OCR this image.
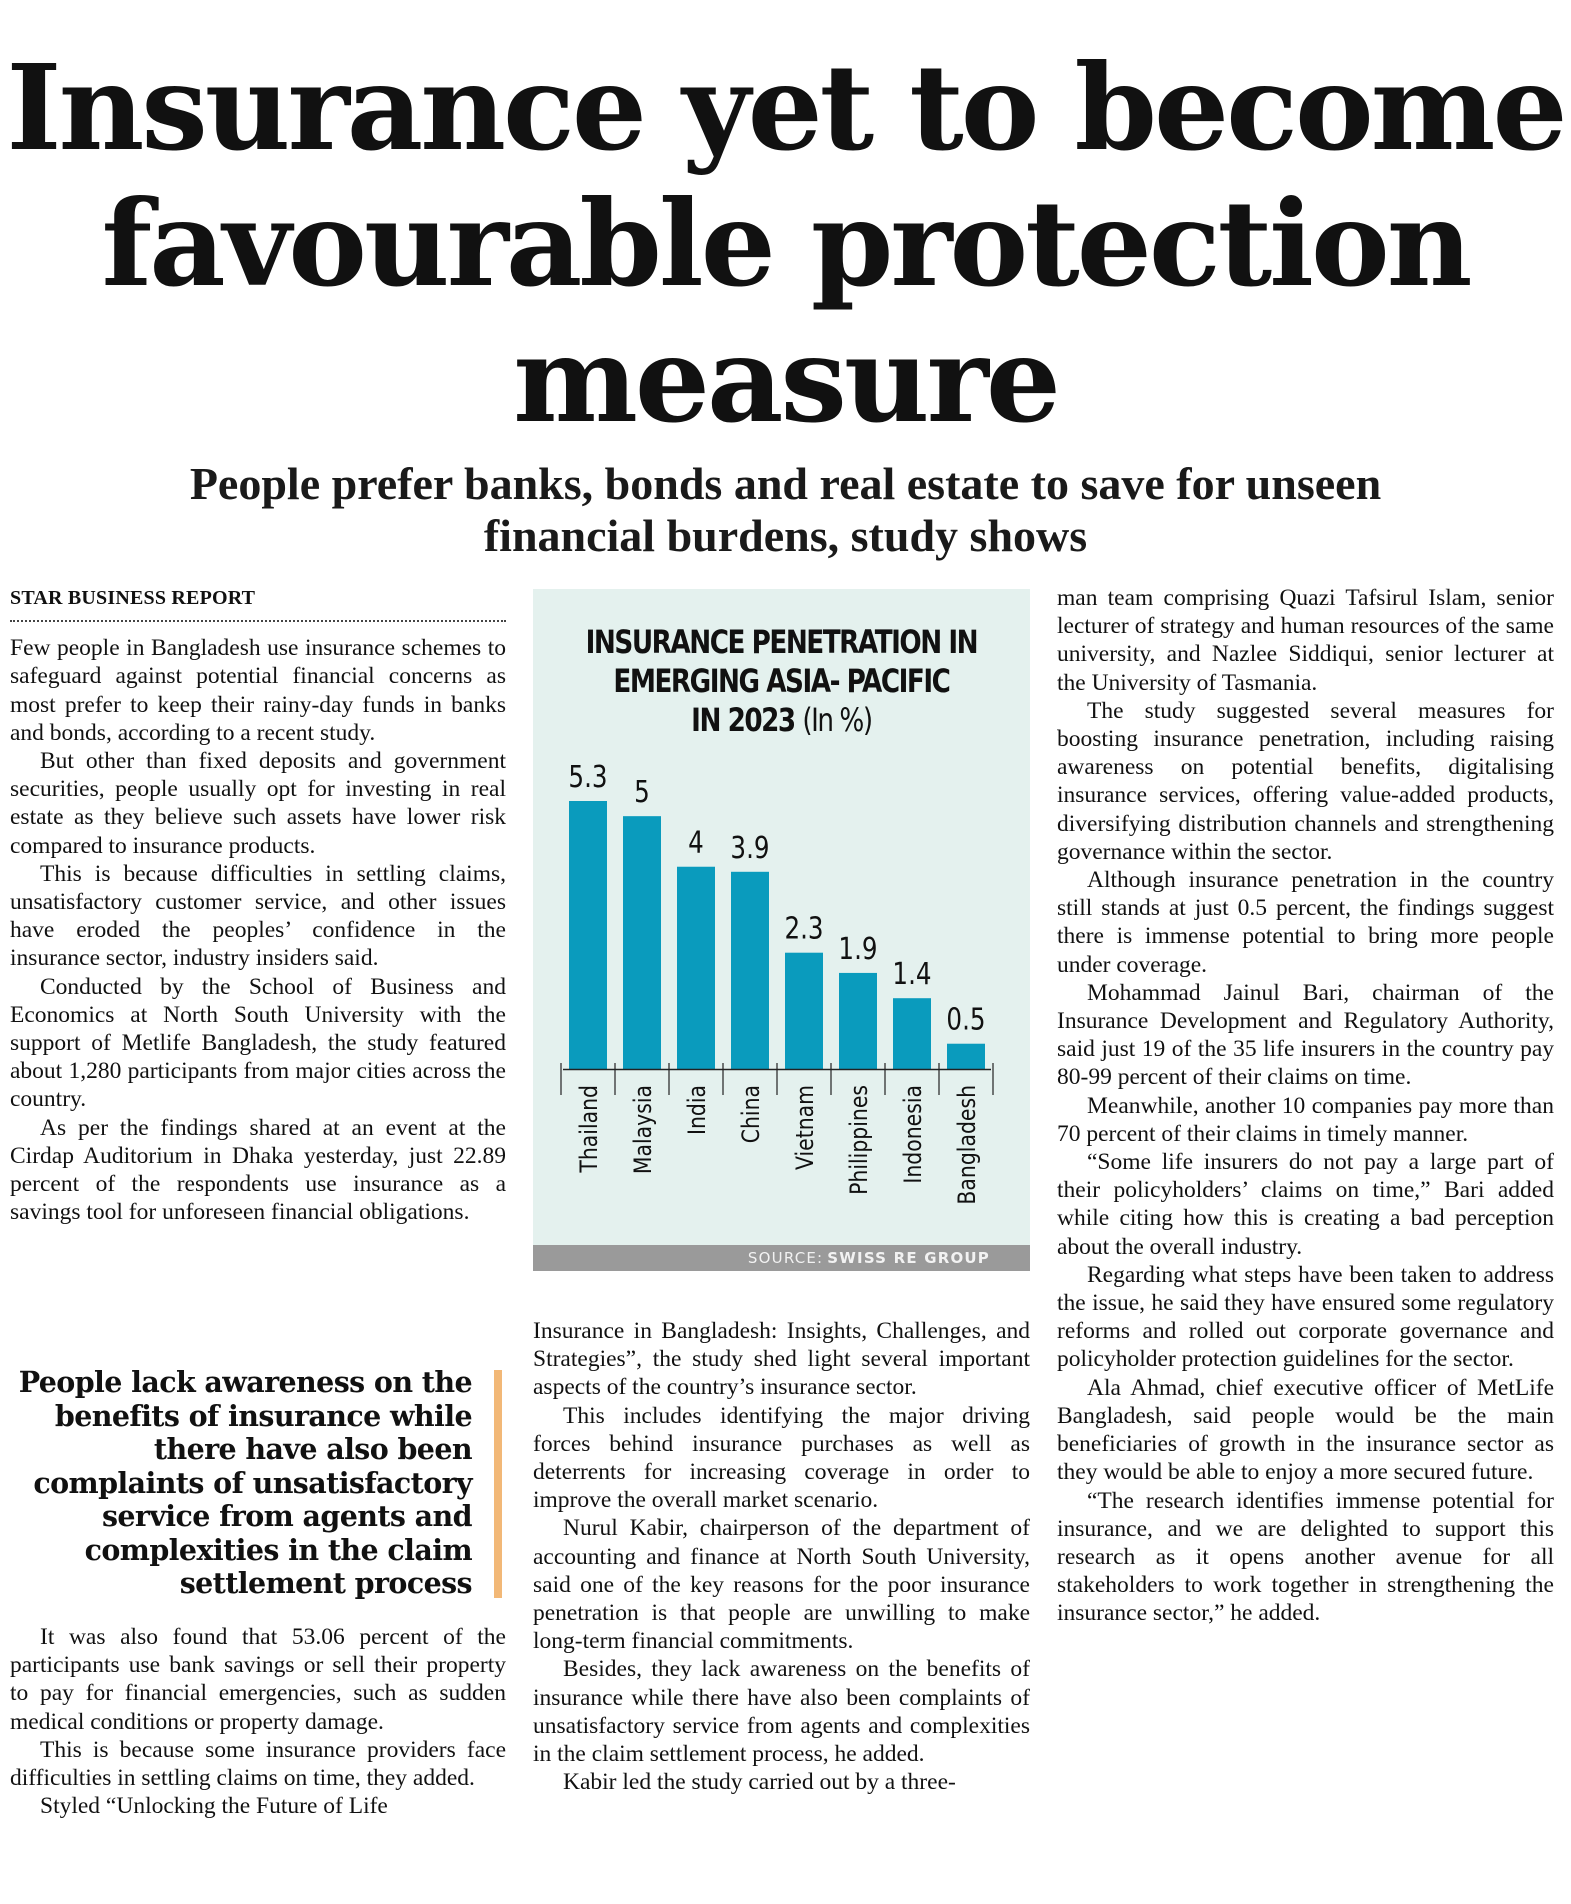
Insurance yet to become
favourable protection
measure
People prefer banks, bonds and real estate to save for unseen
financial burdens, study shows
STAR BUSINESS REPORT

Few people in Bangladesh use insurance schemes to safeguard against potential financial concerns as most prefer to keep their rainy-day funds in banks and bonds, according to a recent study.

But other than fixed deposits and government securities, people usually opt for investing in real estate as they believe such assets have lower risk compared to insurance products.

This is because difficulties in settling claims, unsatisfactory customer service, and other issues have eroded the peoples’ confidence in the insurance sector, industry insiders said.

Conducted by the School of Business and Economics at North South University with the support of Metlife Bangladesh, the study featured about 1,280 participants from major cities across the country.

As per the findings shared at an event at the Cirdap Auditorium in Dhaka yesterday, just 22.89 percent of the respondents use insurance as a savings tool for unforeseen financial obligations.

People lack awareness on the benefits of insurance while there have also been complaints of unsatisfactory service from agents and complexities in the claim settlement process

It was also found that 53.06 percent of the participants use bank savings or sell their property to pay for financial emergencies, such as sudden medical conditions or property damage.

This is because some insurance providers face difficulties in settling claims on time, they added.

Styled “Unlocking the Future of Life

INSURANCE PENETRATION IN
EMERGING ASIA- PACIFIC
IN 2023 (In %)
5.3
Thailand
5
Malaysia
4
India
3.9
China
2.3
Vietnam
1.9
Philippines
1.4
Indonesia
0.5
Bangladesh
SOURCE: SWISS RE GROUP

Insurance in Bangladesh: Insights, Challenges, and Strategies”, the study shed light several important aspects of the country’s insurance sector.

This includes identifying the major driving forces behind insurance purchases as well as deterrents for increasing coverage in order to improve the overall market scenario.

Nurul Kabir, chairperson of the department of accounting and finance at North South University, said one of the key reasons for the poor insurance penetration is that people are unwilling to make long-term financial commitments.

Besides, they lack awareness on the benefits of insurance while there have also been complaints of unsatisfactory service from agents and complexities in the claim settlement process, he added.

Kabir led the study carried out by a three-

man team comprising Quazi Tafsirul Islam, senior lecturer of strategy and human resources of the same university, and Nazlee Siddiqui, senior lecturer at the University of Tasmania.

The study suggested several measures for boosting insurance penetration, including raising awareness on potential benefits, digitalising insurance services, offering value-added products, diversifying distribution channels and strengthening governance within the sector.

Although insurance penetration in the country still stands at just 0.5 percent, the findings suggest there is immense potential to bring more people under coverage.

Mohammad Jainul Bari, chairman of the Insurance Development and Regulatory Authority, said just 19 of the 35 life insurers in the country pay 80-99 percent of their claims on time.

Meanwhile, another 10 companies pay more than 70 percent of their claims in timely manner.

“Some life insurers do not pay a large part of their policyholders’ claims on time,” Bari added while citing how this is creating a bad perception about the overall industry.

Regarding what steps have been taken to address the issue, he said they have ensured some regulatory reforms and rolled out corporate governance and policyholder protection guidelines for the sector.

Ala Ahmad, chief executive officer of MetLife Bangladesh, said people would be the main beneficiaries of growth in the insurance sector as they would be able to enjoy a more secured future.

“The research identifies immense potential for insurance, and we are delighted to support this research as it opens another avenue for all stakeholders to work together in strengthening the insurance sector,” he added.
